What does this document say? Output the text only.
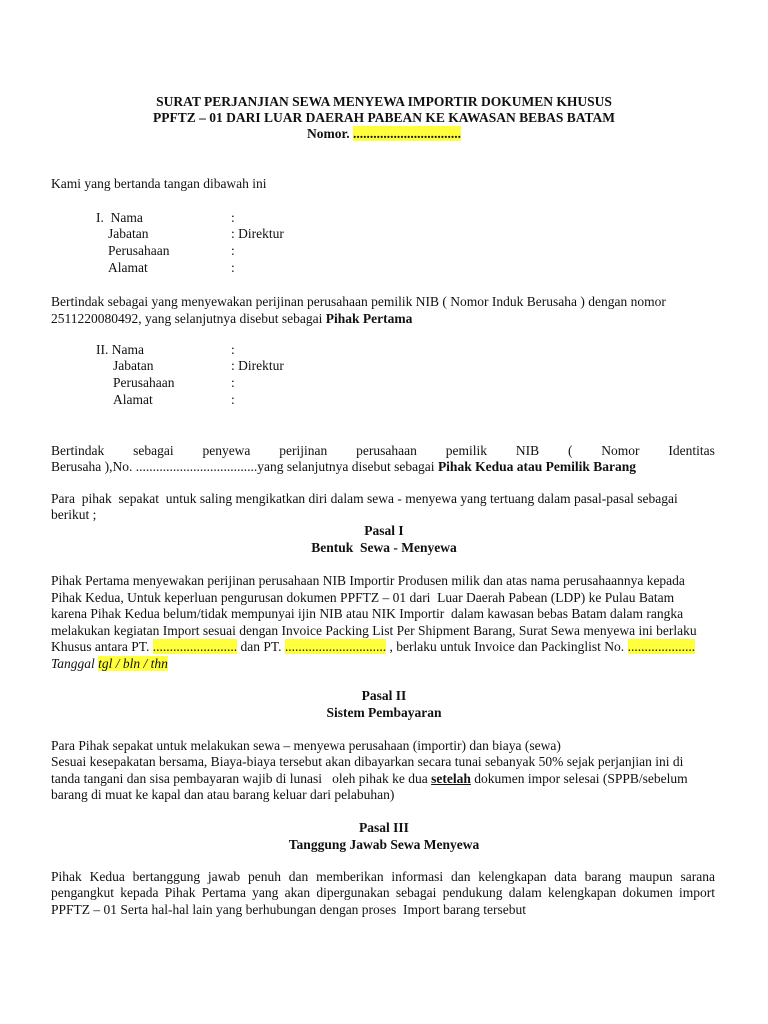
SURAT PERJANJIAN SEWA MENYEWA IMPORTIR DOKUMEN KHUSUS

PPFTZ – 01 DARI LUAR DAERAH PABEAN KE KAWASAN BEBAS BATAM

Nomor. ................................

Kami yang bertanda tangan dibawah ini

I.  Nama	:

Jabatan	: Direktur

Perusahaan	:

Alamat	:

Bertindak sebagai yang menyewakan perijinan perusahaan pemilik NIB ( Nomor Induk Berusaha ) dengan nomor

2511220080492, yang selanjutnya disebut sebagai Pihak Pertama

II. Nama	:

Jabatan	: Direktur

Perusahaan	:

Alamat	:

Bertindak sebagai penyewa perijinan perusahaan pemilik NIB ( Nomor Identitas

Berusaha ),No. ....................................yang selanjutnya disebut sebagai Pihak Kedua atau Pemilik Barang

Para  pihak  sepakat  untuk saling mengikatkan diri dalam sewa - menyewa yang tertuang dalam pasal-pasal sebagai

berikut ;

Pasal I

Bentuk  Sewa - Menyewa

Pihak Pertama menyewakan perijinan perusahaan NIB Importir Produsen milik dan atas nama perusahaannya kepada

Pihak Kedua, Untuk keperluan pengurusan dokumen PPFTZ – 01 dari  Luar Daerah Pabean (LDP) ke Pulau Batam

karena Pihak Kedua belum/tidak mempunyai ijin NIB atau NIK Importir  dalam kawasan bebas Batam dalam rangka

melakukan kegiatan Import sesuai dengan Invoice Packing List Per Shipment Barang, Surat Sewa menyewa ini berlaku

Khusus antara PT. ......................... dan PT. .............................. , berlaku untuk Invoice dan Packinglist No. ....................

Tanggal tgl / bln / thn

Pasal II

Sistem Pembayaran

Para Pihak sepakat untuk melakukan sewa – menyewa perusahaan (importir) dan biaya (sewa)

Sesuai kesepakatan bersama, Biaya-biaya tersebut akan dibayarkan secara tunai sebanyak 50% sejak perjanjian ini di

tanda tangani dan sisa pembayaran wajib di lunasi   oleh pihak ke dua setelah dokumen impor selesai (SPPB/sebelum

barang di muat ke kapal dan atau barang keluar dari pelabuhan)

Pasal III

Tanggung Jawab Sewa Menyewa

Pihak Kedua bertanggung jawab penuh dan memberikan informasi dan kelengkapan data barang maupun sarana

pengangkut kepada Pihak Pertama yang akan dipergunakan sebagai pendukung dalam kelengkapan dokumen import

PPFTZ – 01 Serta hal-hal lain yang berhubungan dengan proses  Import barang tersebut
